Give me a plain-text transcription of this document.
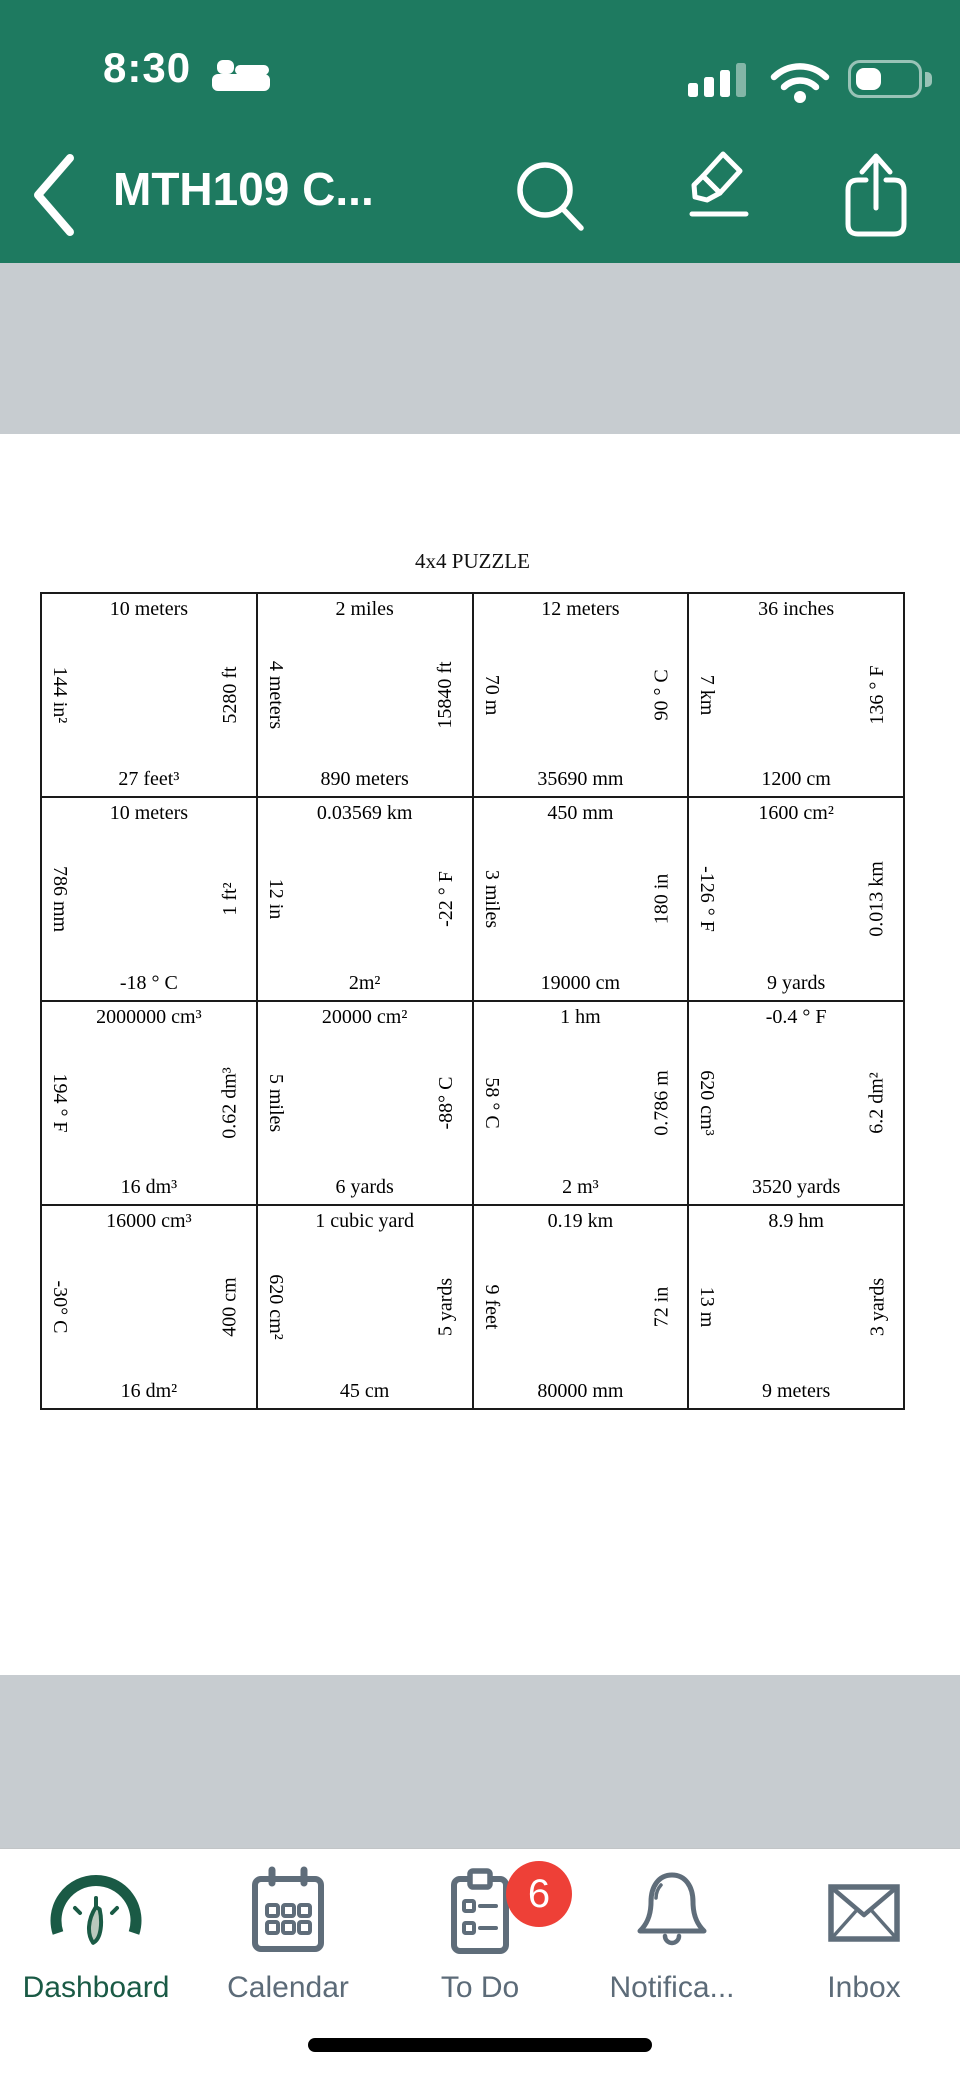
8:30
MTH109 C...
4x4 PUZZLE
10 meters
5280 ft
27 feet³
144 in²
2 miles
15840 ft
890 meters
4 meters
12 meters
90 ° C
35690 mm
70 m
36 inches
136 ° F
1200 cm
7 km
10 meters
1 ft²
-18 ° C
786 mm
0.03569 km
-22 ° F
2m²
12 in
450 mm
180 in
19000 cm
3 miles
1600 cm²
0.013 km
9 yards
-126 ° F
2000000 cm³
0.62 dm³
16 dm³
194 ° F
20000 cm²
-88° C
6 yards
5 miles
1 hm
0.786 m
2 m³
58 ° C
-0.4 ° F
6.2 dm²
3520 yards
620 cm³
16000 cm³
400 cm
16 dm²
-30° C
1 cubic yard
5 yards
45 cm
620 cm²
0.19 km
72 in
80000 mm
9 feet
8.9 hm
3 yards
9 meters
13 m
Dashboard Calendar
6
To Do	Notifica...	Inbox
